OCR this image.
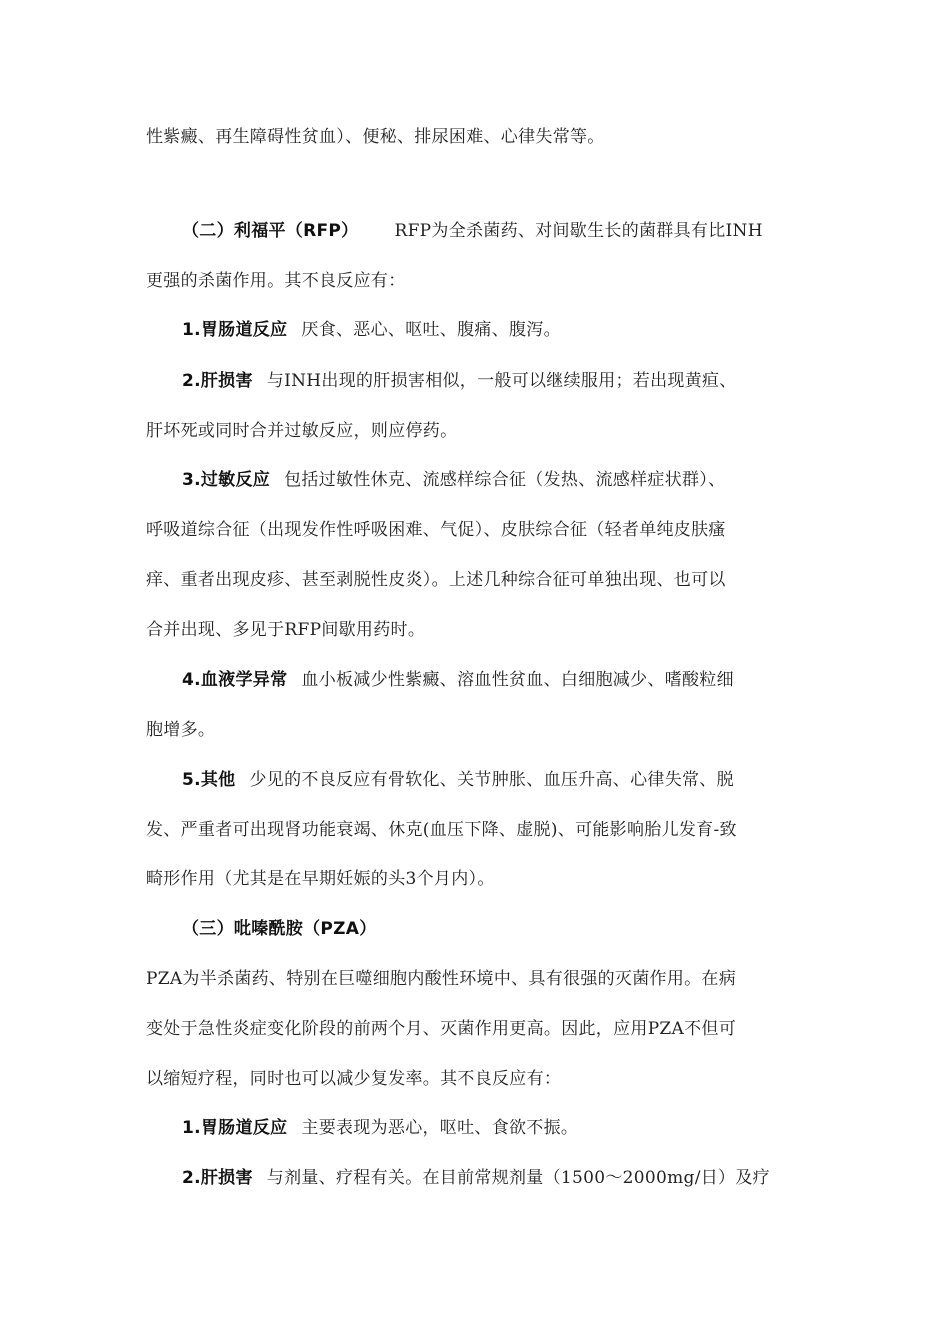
性紫癜、再生障碍性贫血）、便秘、排尿困难、心律失常等。
（二）利福平（RFP） RFP为全杀菌药、对间歇生长的菌群具有比INH
更强的杀菌作用。其不良反应有：
1.胃肠道反应 厌食、恶心、呕吐、腹痛、腹泻。
2.肝损害 与INH出现的肝损害相似，一般可以继续服用；若出现黄疸、
肝坏死或同时合并过敏反应，则应停药。
3.过敏反应 包括过敏性休克、流感样综合征（发热、流感样症状群）、
呼吸道综合征（出现发作性呼吸困难、气促）、皮肤综合征（轻者单纯皮肤瘙
痒、重者出现皮疹、甚至剥脱性皮炎）。上述几种综合征可单独出现、也可以
合并出现、多见于RFP间歇用药时。
4.血液学异常 血小板减少性紫癜、溶血性贫血、白细胞减少、嗜酸粒细
胞增多。
5.其他 少见的不良反应有骨软化、关节肿胀、血压升高、心律失常、脱
发、严重者可出现肾功能衰竭、休克(血压下降、虚脱)、可能影响胎儿发育-致
畸形作用（尤其是在早期妊娠的头3个月内）。
（三）吡嗪酰胺（PZA）
PZA为半杀菌药、特别在巨噬细胞内酸性环境中、具有很强的灭菌作用。在病
变处于急性炎症变化阶段的前两个月、灭菌作用更高。因此，应用PZA不但可
以缩短疗程，同时也可以减少复发率。其不良反应有：
1.胃肠道反应 主要表现为恶心，呕吐、食欲不振。
2.肝损害 与剂量、疗程有关。在目前常规剂量（1500～2000mg/日）及疗
